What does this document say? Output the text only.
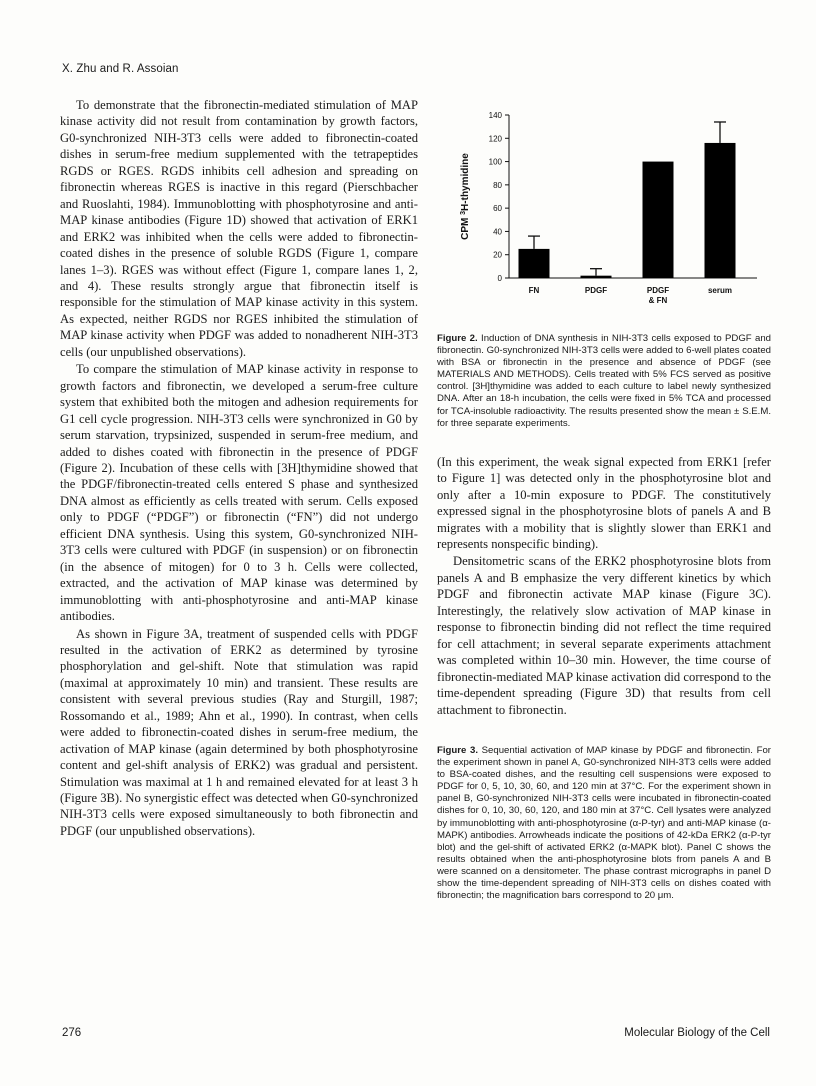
X. Zhu and R. Assoian

To demonstrate that the fibronectin-mediated stimulation of MAP kinase activity did not result from contamination by growth factors, G0-synchronized NIH-3T3 cells were added to fibronectin-coated dishes in serum-free medium supplemented with the tetrapeptides RGDS or RGES. RGDS inhibits cell adhesion and spreading on fibronectin whereas RGES is inactive in this regard (Pierschbacher and Ruoslahti, 1984). Immunoblotting with phosphotyrosine and anti-MAP kinase antibodies (Figure 1D) showed that activation of ERK1 and ERK2 was inhibited when the cells were added to fibronectin-coated dishes in the presence of soluble RGDS (Figure 1, compare lanes 1–3). RGES was without effect (Figure 1, compare lanes 1, 2, and 4). These results strongly argue that fibronectin itself is responsible for the stimulation of MAP kinase activity in this system. As expected, neither RGDS nor RGES inhibited the stimulation of MAP kinase activity when PDGF was added to nonadherent NIH-3T3 cells (our unpublished observations).

To compare the stimulation of MAP kinase activity in response to growth factors and fibronectin, we developed a serum-free culture system that exhibited both the mitogen and adhesion requirements for G1 cell cycle progression. NIH-3T3 cells were synchronized in G0 by serum starvation, trypsinized, suspended in serum-free medium, and added to dishes coated with fibronectin in the presence of PDGF (Figure 2). Incubation of these cells with [3H]thymidine showed that the PDGF/fibronectin-treated cells entered S phase and synthesized DNA almost as efficiently as cells treated with serum. Cells exposed only to PDGF (“PDGF”) or fibronectin (“FN”) did not undergo efficient DNA synthesis. Using this system, G0-synchronized NIH-3T3 cells were cultured with PDGF (in suspension) or on fibronectin (in the absence of mitogen) for 0 to 3 h. Cells were collected, extracted, and the activation of MAP kinase was determined by immunoblotting with anti-phosphotyrosine and anti-MAP kinase antibodies.

As shown in Figure 3A, treatment of suspended cells with PDGF resulted in the activation of ERK2 as determined by tyrosine phosphorylation and gel-shift. Note that stimulation was rapid (maximal at approximately 10 min) and transient. These results are consistent with several previous studies (Ray and Sturgill, 1987; Rossomando et al., 1989; Ahn et al., 1990). In contrast, when cells were added to fibronectin-coated dishes in serum-free medium, the activation of MAP kinase (again determined by both phosphotyrosine content and gel-shift analysis of ERK2) was gradual and persistent. Stimulation was maximal at 1 h and remained elevated for at least 3 h (Figure 3B). No synergistic effect was detected when G0-synchronized NIH-3T3 cells were exposed simultaneously to both fibronectin and PDGF (our unpublished observations).

0
20
40
60
80
100
120
140
CPM $^3$H-thymidine
FN	PDGF	PDGF
& FN
serum

Figure 2. Induction of DNA synthesis in NIH-3T3 cells exposed to PDGF and fibronectin. G0-synchronized NIH-3T3 cells were added to 6-well plates coated with BSA or fibronectin in the presence and absence of PDGF (see MATERIALS AND METHODS). Cells treated with 5% FCS served as positive control. [3H]thymidine was added to each culture to label newly synthesized DNA. After an 18-h incubation, the cells were fixed in 5% TCA and processed for TCA-insoluble radioactivity. The results presented show the mean ± S.E.M. for three separate experiments.

(In this experiment, the weak signal expected from ERK1 [refer to Figure 1] was detected only in the phosphotyrosine blot and only after a 10-min exposure to PDGF. The constitutively expressed signal in the phosphotyrosine blots of panels A and B migrates with a mobility that is slightly slower than ERK1 and represents nonspecific binding).

Densitometric scans of the ERK2 phosphotyrosine blots from panels A and B emphasize the very different kinetics by which PDGF and fibronectin activate MAP kinase (Figure 3C). Interestingly, the relatively slow activation of MAP kinase in response to fibronectin binding did not reflect the time required for cell attachment; in several separate experiments attachment was completed within 10–30 min. However, the time course of fibronectin-mediated MAP kinase activation did correspond to the time-dependent spreading (Figure 3D) that results from cell attachment to fibronectin.

Figure 3. Sequential activation of MAP kinase by PDGF and fibronectin. For the experiment shown in panel A, G0-synchronized NIH-3T3 cells were added to BSA-coated dishes, and the resulting cell suspensions were exposed to PDGF for 0, 5, 10, 30, 60, and 120 min at 37°C. For the experiment shown in panel B, G0-synchronized NIH-3T3 cells were incubated in fibronectin-coated dishes for 0, 10, 30, 60, 120, and 180 min at 37°C. Cell lysates were analyzed by immunoblotting with anti-phosphotyrosine (α-P-tyr) and anti-MAP kinase (α-MAPK) antibodies. Arrowheads indicate the positions of 42-kDa ERK2 (α-P-tyr blot) and the gel-shift of activated ERK2 (α-MAPK blot). Panel C shows the results obtained when the anti-phosphotyrosine blots from panels A and B were scanned on a densitometer. The phase contrast micrographs in panel D show the time-dependent spreading of NIH-3T3 cells on dishes coated with fibronectin; the magnification bars correspond to 20 μm.

276	Molecular Biology of the Cell
